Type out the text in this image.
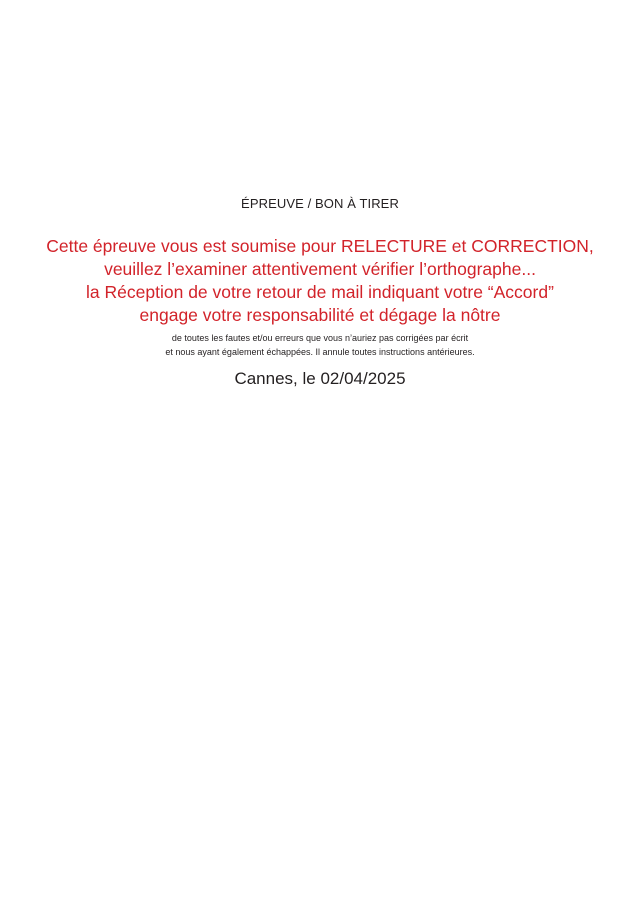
ÉPREUVE / BON À TIRER
Cette épreuve vous est soumise pour RELECTURE et CORRECTION,
veuillez l’examiner attentivement vérifier l’orthographe...
la Réception de votre retour de mail indiquant votre “Accord”
engage votre responsabilité et dégage la nôtre
de toutes les fautes et/ou erreurs que vous n’auriez pas corrigées par écrit
et nous ayant également échappées. Il annule toutes instructions antérieures.
Cannes, le 02/04/2025
